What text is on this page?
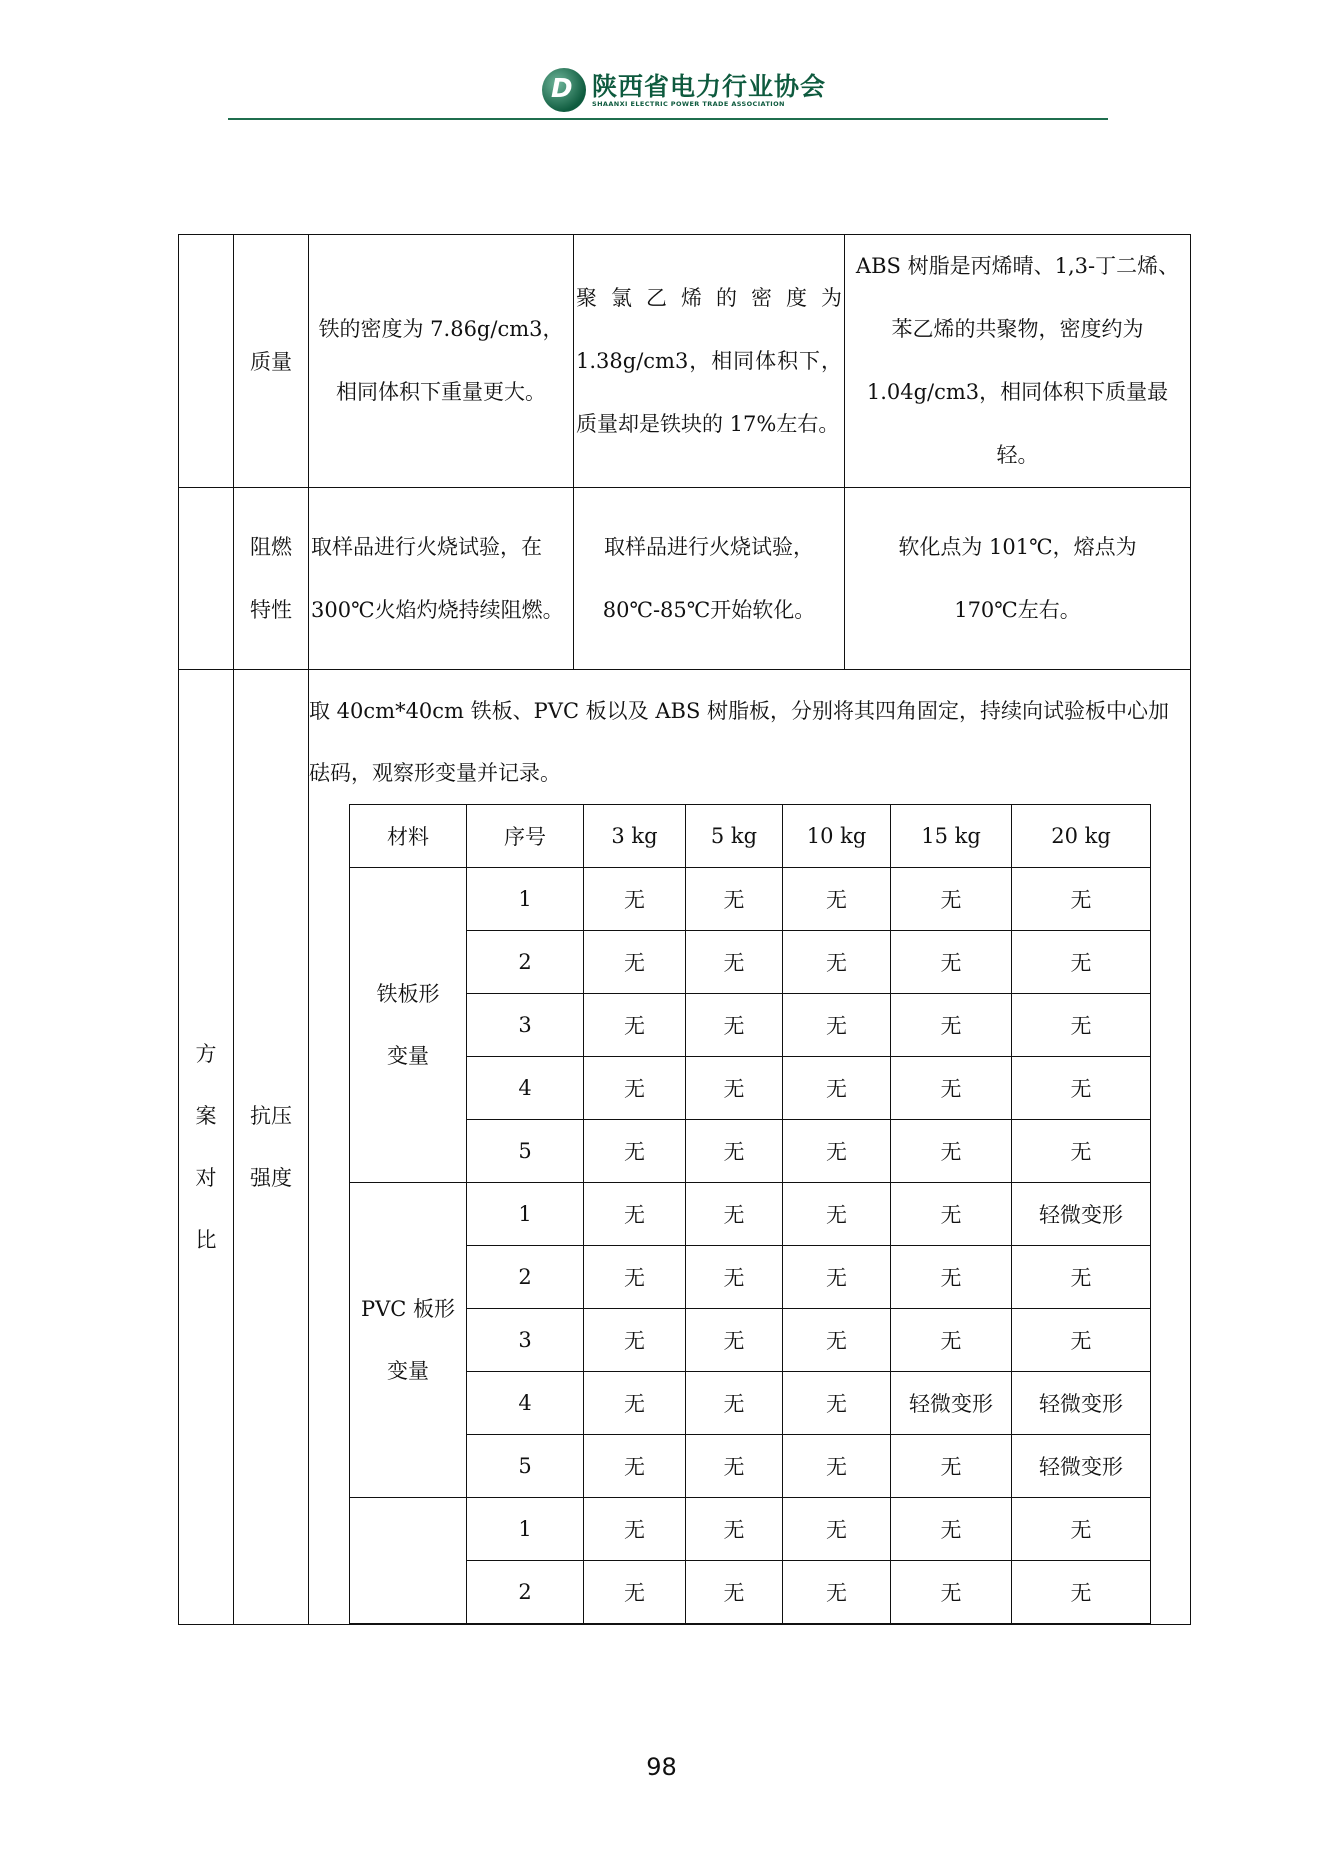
D 陕西省电力行业协会
SHAANXI ELECTRIC POWER TRADE ASSOCIATION
	质量	铁的密度为 7.86g/cm3，相同体积下重量更大。	聚氯乙烯的密度为1.38g/cm3，相同体积下，质量却是铁块的 17%左右。	ABS 树脂是丙烯晴、1,3-丁二烯、苯乙烯的共聚物，密度约为1.04g/cm3，相同体积下质量最轻。
	阻燃特性	取样品进行火烧试验，在300℃火焰灼烧持续阻燃。	取样品进行火烧试验，80℃-85℃开始软化。	软化点为 101℃，熔点为 170℃左右。

方
案
对
比

抗压
强度

取 40cm*40cm 铁板、PVC 板以及 ABS 树脂板，分别将其四角固定，持续向试验板中心加砝码，观察形变量并记录。
材料	序号	3 kg	5 kg	10 kg	15 kg	20 kg

铁板形
变量
	1	无	无	无	无	无
2	无	无	无	无	无
3	无	无	无	无	无
4	无	无	无	无	无
5	无	无	无	无	无

PVC 板形
变量
	1	无	无	无	无	轻微变形
2	无	无	无	无	无
3	无	无	无	无	无
4	无	无	无	轻微变形	轻微变形
5	无	无	无	无	轻微变形
	1	无	无	无	无	无
2	无	无	无	无	无
98
